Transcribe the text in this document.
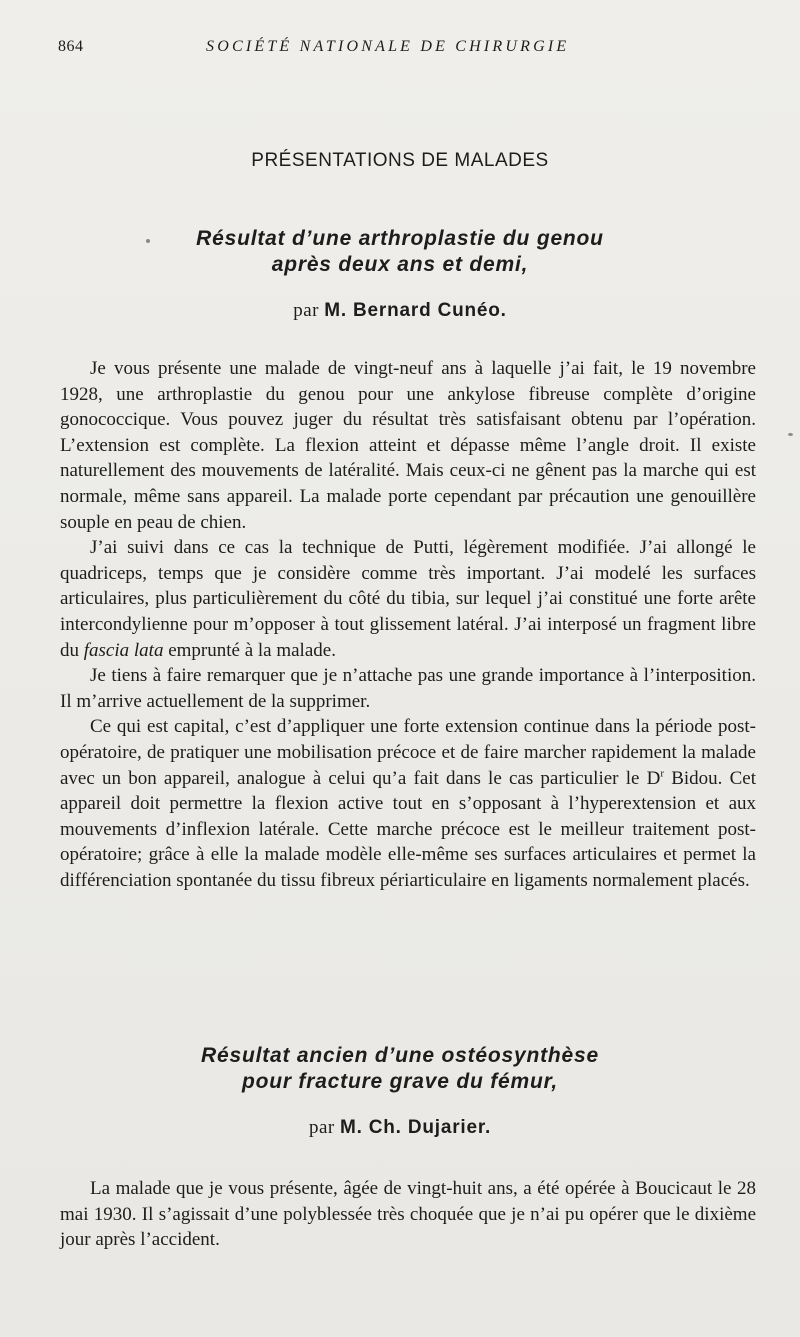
864	SOCIÉTÉ NATIONALE DE CHIRURGIE
PRÉSENTATIONS DE MALADES
Résultat d’une arthroplastie du genou
après deux ans et demi,
par M. Bernard Cunéo.

Je vous présente une malade de vingt-neuf ans à laquelle j’ai fait, le 19 novembre 1928, une arthroplastie du genou pour une ankylose fibreuse complète d’origine gonococcique. Vous pouvez juger du résultat très satisfaisant obtenu par l’opération. L’extension est complète. La flexion atteint et dépasse même l’angle droit. Il existe naturellement des mouvements de latéralité. Mais ceux-ci ne gênent pas la marche qui est normale, même sans appareil. La malade porte cependant par précaution une genouillère souple en peau de chien.

J’ai suivi dans ce cas la technique de Putti, légèrement modifiée. J’ai allongé le quadriceps, temps que je considère comme très important. J’ai modelé les surfaces articulaires, plus particulièrement du côté du tibia, sur lequel j’ai constitué une forte arête intercondylienne pour m’opposer à tout glissement latéral. J’ai interposé un fragment libre du fascia lata emprunté à la malade.

Je tiens à faire remarquer que je n’attache pas une grande importance à l’interposition. Il m’arrive actuellement de la supprimer.

Ce qui est capital, c’est d’appliquer une forte extension continue dans la période post-opératoire, de pratiquer une mobilisation précoce et de faire marcher rapidement la malade avec un bon appareil, analogue à celui qu’a fait dans le cas particulier le $D^r$ Bidou. Cet appareil doit permettre la flexion active tout en s’opposant à l’hyperextension et aux mouvements d’inflexion latérale. Cette marche précoce est le meilleur traitement post-opératoire; grâce à elle la malade modèle elle-même ses surfaces articulaires et permet la différenciation spontanée du tissu fibreux périarticulaire en ligaments normalement placés.

Résultat ancien d’une ostéosynthèse
pour fracture grave du fémur,
par M. Ch. Dujarier.

La malade que je vous présente, âgée de vingt-huit ans, a été opérée à Boucicaut le 28 mai 1930. Il s’agissait d’une polyblessée très choquée que je n’ai pu opérer que le dixième jour après l’accident.
